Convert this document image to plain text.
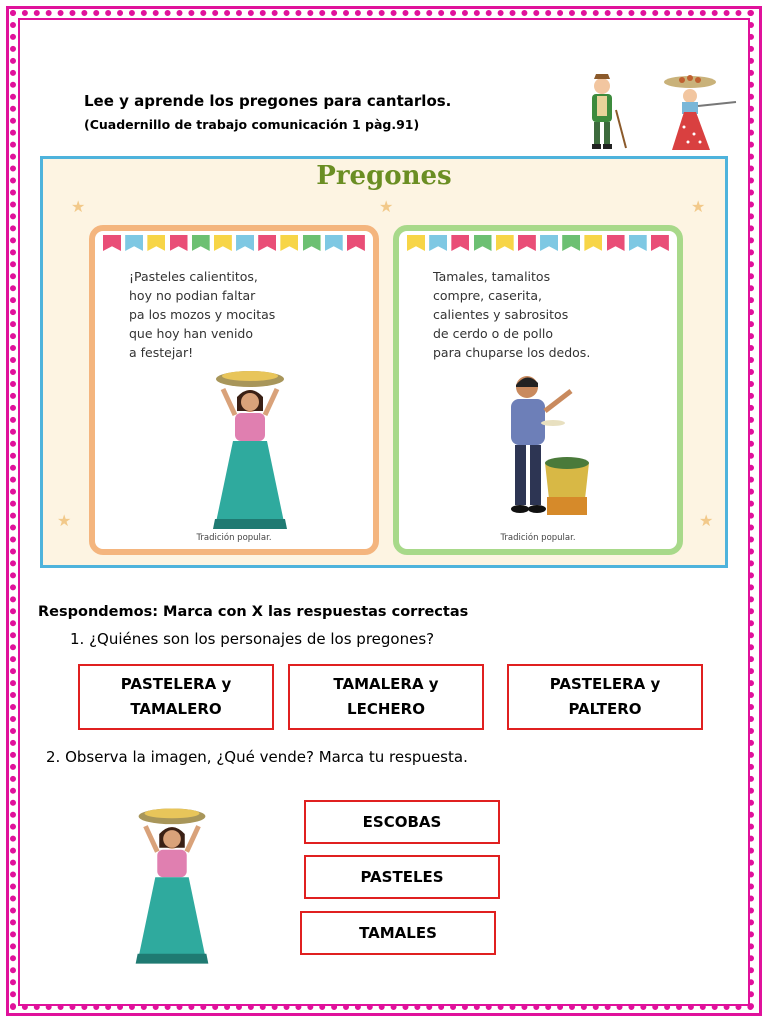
Lee y aprende los pregones para cantarlos.
(Cuadernillo de trabajo comunicación 1 pàg.91)
Pregones
★	★	★
★	★
¡Pasteles calientitos,
hoy no podian faltar
pa los mozos y mocitas
que hoy han venido
a festejar!
Tradición popular.
Tamales, tamalitos
compre, caserita,
calientes y sabrositos
de cerdo o de pollo
para chuparse los dedos.
Tradición popular.
Respondemos: Marca con X las respuestas correctas
1. ¿Quiénes son los personajes de los pregones?
PASTELERA y
TAMALERO
TAMALERA y
LECHERO
PASTELERA y
PALTERO
2. Observa la imagen, ¿Qué vende? Marca tu respuesta.
ESCOBAS
PASTELES
TAMALES
